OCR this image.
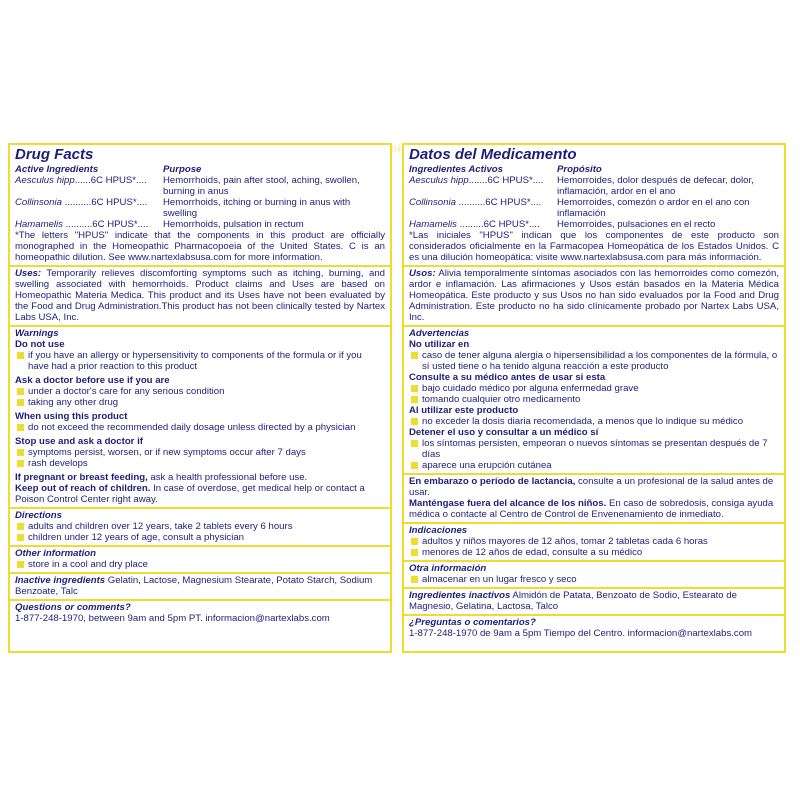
Drug Facts
Active Ingredients	Purpose
Aesculus hipp......6C HPUS*....	Hemorrhoids, pain after stool, aching, swollen, burning in anus
Collinsonia ..........6C HPUS*....	Hemorrhoids, itching or burning in anus with swelling
Hamamelis ..........6C HPUS*....	Hemorrhoids, pulsation in rectum
*The letters "HPUS" indicate that the components in this product are officially monographed in the Homeopathic Pharmacopoeia of the United States. C is an homeopathic dilution. See www.nartexlabsusa.com for more information.
Uses: Temporarily relieves discomforting symptoms such as itching, burning, and swelling associated with hemorrhoids. Product claims and Uses are based on Homeopathic Materia Medica. This product and its Uses have not been evaluated by the Food and Drug Administration.This product has not been clinically tested by Nartex Labs USA, Inc.
Warnings
Do not use
if you have an allergy or hypersensitivity to components of the formula or if you have had a prior reaction to this product
Ask a doctor before use if you are
under a doctor's care for any serious condition
taking any other drug
When using this product
do not exceed the recommended daily dosage unless directed by a physician
Stop use and ask a doctor if
symptoms persist, worsen, or if new symptoms occur after 7 days
rash develops
If pregnant or breast feeding, ask a health professional before use.
Keep out of reach of children. In case of overdose, get medical help or contact a Poison Control Center right away.
Directions
adults and children over 12 years, take 2 tablets every 6 hours
children under 12 years of age, consult a physician
Other information
store in a cool and dry place
Inactive ingredients Gelatin, Lactose, Magnesium Stearate, Potato Starch, Sodium Benzoate, Talc
Questions or comments?
1-877-248-1970, between 9am and 5pm PT. informacion@nartexlabs.com
Datos del Medicamento
Ingredientes Activos	Propósito
Aesculus hipp.......6C HPUS*....	Hemorroides, dolor después de defecar, dolor, inflamación, ardor en el ano
Collinsonia ..........6C HPUS*....	Hemorroides, comezón o ardor en el ano con inflamación
Hamamelis .........6C HPUS*....	Hemorroides, pulsaciones en el recto
*Las iniciales "HPUS" indican que los componentes de este producto son considerados oficialmente en la Farmacopea Homeopática de los Estados Unidos. C es una dilución homeopática: visite www.nartexlabsusa.com para más información.
Usos: Alivia temporalmente síntomas asociados con las hemorroides como comezón, ardor e inflamación. Las afirmaciones y Usos están basados en la Materia Médica Homeopática. Este producto y sus Usos no han sido evaluados por la Food and Drug Administration. Este producto no ha sido clínicamente probado por Nartex Labs USA, Inc.
Advertencias
No utilizar en
caso de tener alguna alergia o hipersensibilidad a los componentes de la fórmula, o sí usted tiene o ha tenido alguna reacción a este producto
Consulte a su médico antes de usar si esta
bajo cuidado médico por alguna enfermedad grave
tomando cualquier otro medicamento
Al utilizar este producto
no exceder la dosis diaria recomendada, a menos que lo indique su médico
Detener el uso y consultar a un médico sí
los síntomas persisten, empeoran o nuevos síntomas se presentan después de 7 días
aparece una erupción cutánea
En embarazo o período de lactancia, consulte a un profesional de la salud antes de usar.
Manténgase fuera del alcance de los niños. En caso de sobredosis, consiga ayuda médica o contacte al Centro de Control de Envenenamiento de inmediato.
Indicaciones
adultos y niños mayores de 12 años, tomar 2 tabletas cada 6 horas
menores de 12 años de edad, consulte a su médico
Otra información
almacenar en un lugar fresco y seco
Ingredientes inactivos Almidón de Patata, Benzoato de Sodio, Estearato de Magnesio, Gelatina, Lactosa, Talco
¿Preguntas o comentarios?
1-877-248-1970 de 9am a 5pm Tiempo del Centro. informacion@nartexlabs.com
